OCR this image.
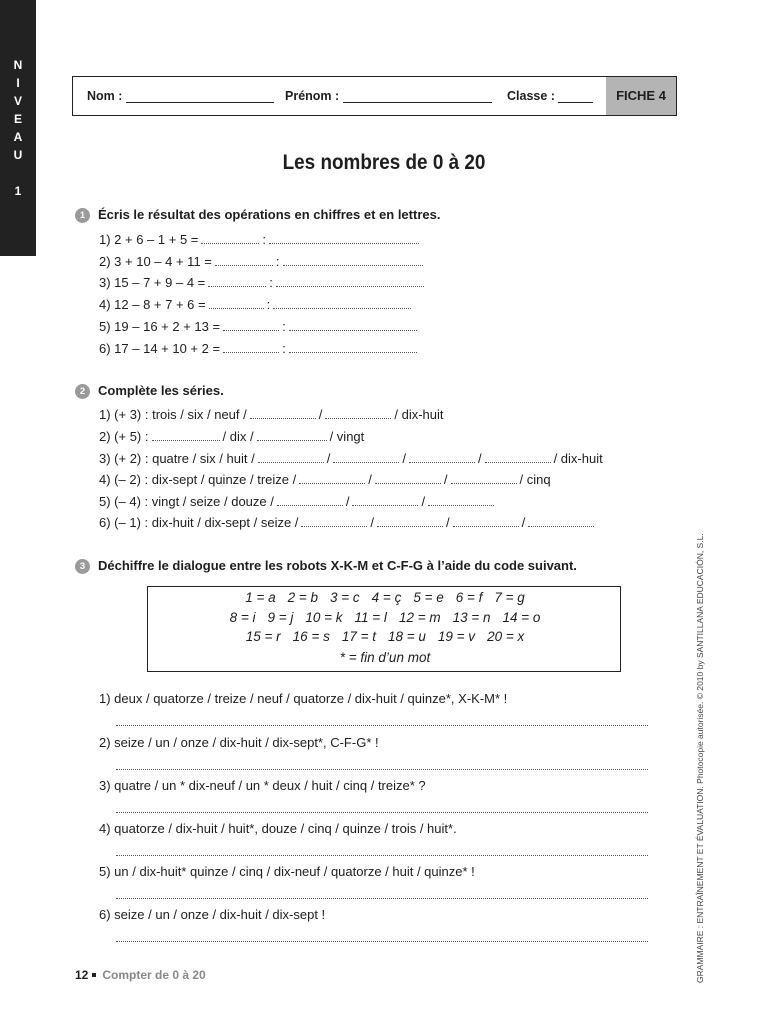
N
I
V
E
A
U
1
Nom :	Prénom :	Classe :	FICHE 4
Les nombres de 0 à 20
1 Écris le résultat des opérations en chiffres et en lettres.
1) 2 + 6 – 1 + 5 =	:
2) 3 + 10 – 4 + 11 =	:
3) 15 – 7 + 9 – 4 =	:
4) 12 – 8 + 7 + 6 =	:
5) 19 – 16 + 2 + 13 =	:
6) 17 – 14 + 10 + 2 =	:
2 Complète les séries.
1) (+ 3) : trois / six / neuf /	/	/ dix-huit
2) (+ 5) :	/ dix /	/ vingt
3) (+ 2) : quatre / six / huit /	/	/	/	/ dix-huit
4) (– 2) : dix-sept / quinze / treize /	/	/	/ cinq
5) (– 4) : vingt / seize / douze /	/	/
6) (– 1) : dix-huit / dix-sept / seize /	/	/	/
3 Déchiffre le dialogue entre les robots X-K-M et C-F-G à l’aide du code suivant.
1 = a 2 = b 3 = c 4 = ç 5 = e 6 = f 7 = g
8 = i 9 = j 10 = k 11 = l 12 = m 13 = n 14 = o
15 = r 16 = s 17 = t 18 = u 19 = v 20 = x
* = fin d’un mot
1) deux / quatorze / treize / neuf / quatorze / dix-huit / quinze*, X-K-M* !
2) seize / un / onze / dix-huit / dix-sept*, C-F-G* !
3) quatre / un * dix-neuf / un * deux / huit / cinq / treize* ?
4) quatorze / dix-huit / huit*, douze / cinq / quinze / trois / huit*.
5) un / dix-huit* quinze / cinq / dix-neuf / quatorze / huit / quinze* !
6) seize / un / onze / dix-huit / dix-sept !
12 Compter de 0 à 20	GRAMMAIRE : ENTRAÎNEMENT ET ÉVALUATION. Photocopie autorisée. © 2010 by SANTILLANA EDUCACIÓN, S.L.
